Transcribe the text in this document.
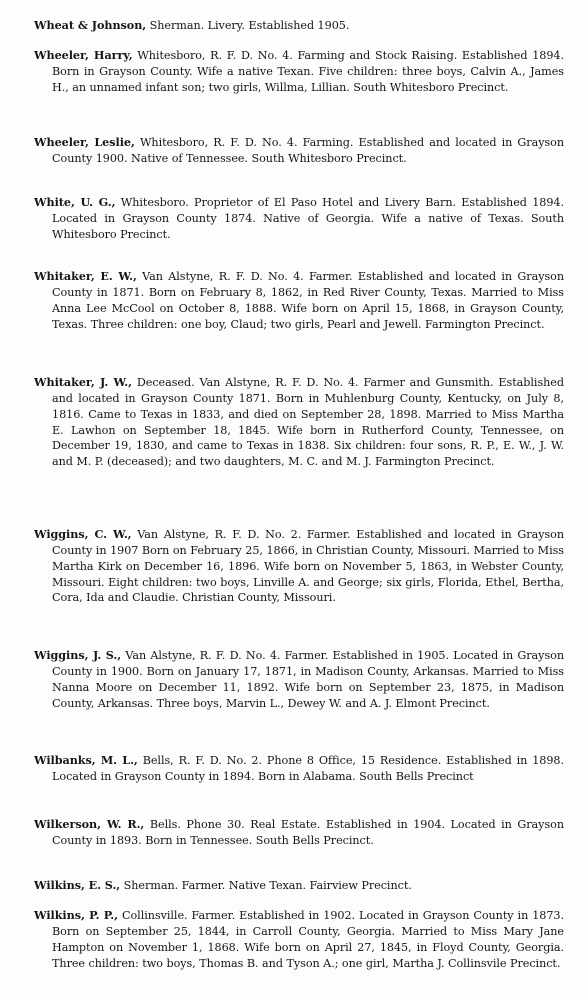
Wheat & Johnson, Sherman. Livery. Established 1905.

Wheeler, Harry, Whitesboro, R. F. D. No. 4. Farming and Stock Raising. Established 1894. Born in Grayson County. Wife a native Texan. Five children: three boys, Calvin A., James H., an unnamed infant son; two girls, Willma, Lillian. South Whitesboro Precinct.

Wheeler, Leslie, Whitesboro, R. F. D. No. 4. Farming. Established and located in Grayson County 1900. Native of Tennessee. South Whitesboro Precinct.

White, U. G., Whitesboro. Proprietor of El Paso Hotel and Livery Barn. Established 1894. Located in Grayson County 1874. Native of Georgia. Wife a native of Texas. South Whitesboro Precinct.

Whitaker, E. W., Van Alstyne, R. F. D. No. 4. Farmer. Established and located in Grayson County in 1871. Born on February 8, 1862, in Red River County, Texas. Married to Miss Anna Lee McCool on October 8, 1888. Wife born on April 15, 1868, in Grayson County, Texas. Three children: one boy, Claud; two girls, Pearl and Jewell. Farmington Precinct.

Whitaker, J. W., Deceased. Van Alstyne, R. F. D. No. 4. Farmer and Gunsmith. Established and located in Grayson County 1871. Born in Muhlenburg County, Kentucky, on July 8, 1816. Came to Texas in 1833, and died on September 28, 1898. Married to Miss Martha E. Lawhon on September 18, 1845. Wife born in Rutherford County, Tennessee, on December 19, 1830, and came to Texas in 1838. Six children: four sons, R. P., E. W., J. W. and M. P. (deceased); and two daughters, M. C. and M. J. Farmington Precinct.

Wiggins, C. W., Van Alstyne, R. F. D. No. 2. Farmer. Established and located in Grayson County in 1907 Born on February 25, 1866, in Christian County, Missouri. Married to Miss Martha Kirk on December 16, 1896. Wife born on November 5, 1863, in Webster County, Missouri. Eight children: two boys, Linville A. and George; six girls, Florida, Ethel, Bertha, Cora, Ida and Claudie. Christian County, Missouri.

Wiggins, J. S., Van Alstyne, R. F. D. No. 4. Farmer. Established in 1905. Located in Grayson County in 1900. Born on January 17, 1871, in Madison County, Arkansas. Married to Miss Nanna Moore on December 11, 1892. Wife born on September 23, 1875, in Madison County, Arkansas. Three boys, Marvin L., Dewey W. and A. J. Elmont Precinct.

Wilbanks, M. L., Bells, R. F. D. No. 2. Phone 8 Office, 15 Residence. Established in 1898. Located in Grayson County in 1894. Born in Alabama. South Bells Precinct

Wilkerson, W. R., Bells. Phone 30. Real Estate. Established in 1904. Located in Grayson County in 1893. Born in Tennessee. South Bells Precinct.

Wilkins, E. S., Sherman. Farmer. Native Texan. Fairview Precinct.

Wilkins, P. P., Collinsville. Farmer. Established in 1902. Located in Grayson County in 1873. Born on September 25, 1844, in Carroll County, Georgia. Married to Miss Mary Jane Hampton on November 1, 1868. Wife born on April 27, 1845, in Floyd County, Georgia. Three children: two boys, Thomas B. and Tyson A.; one girl, Martha J. Collinsvile Precinct.
